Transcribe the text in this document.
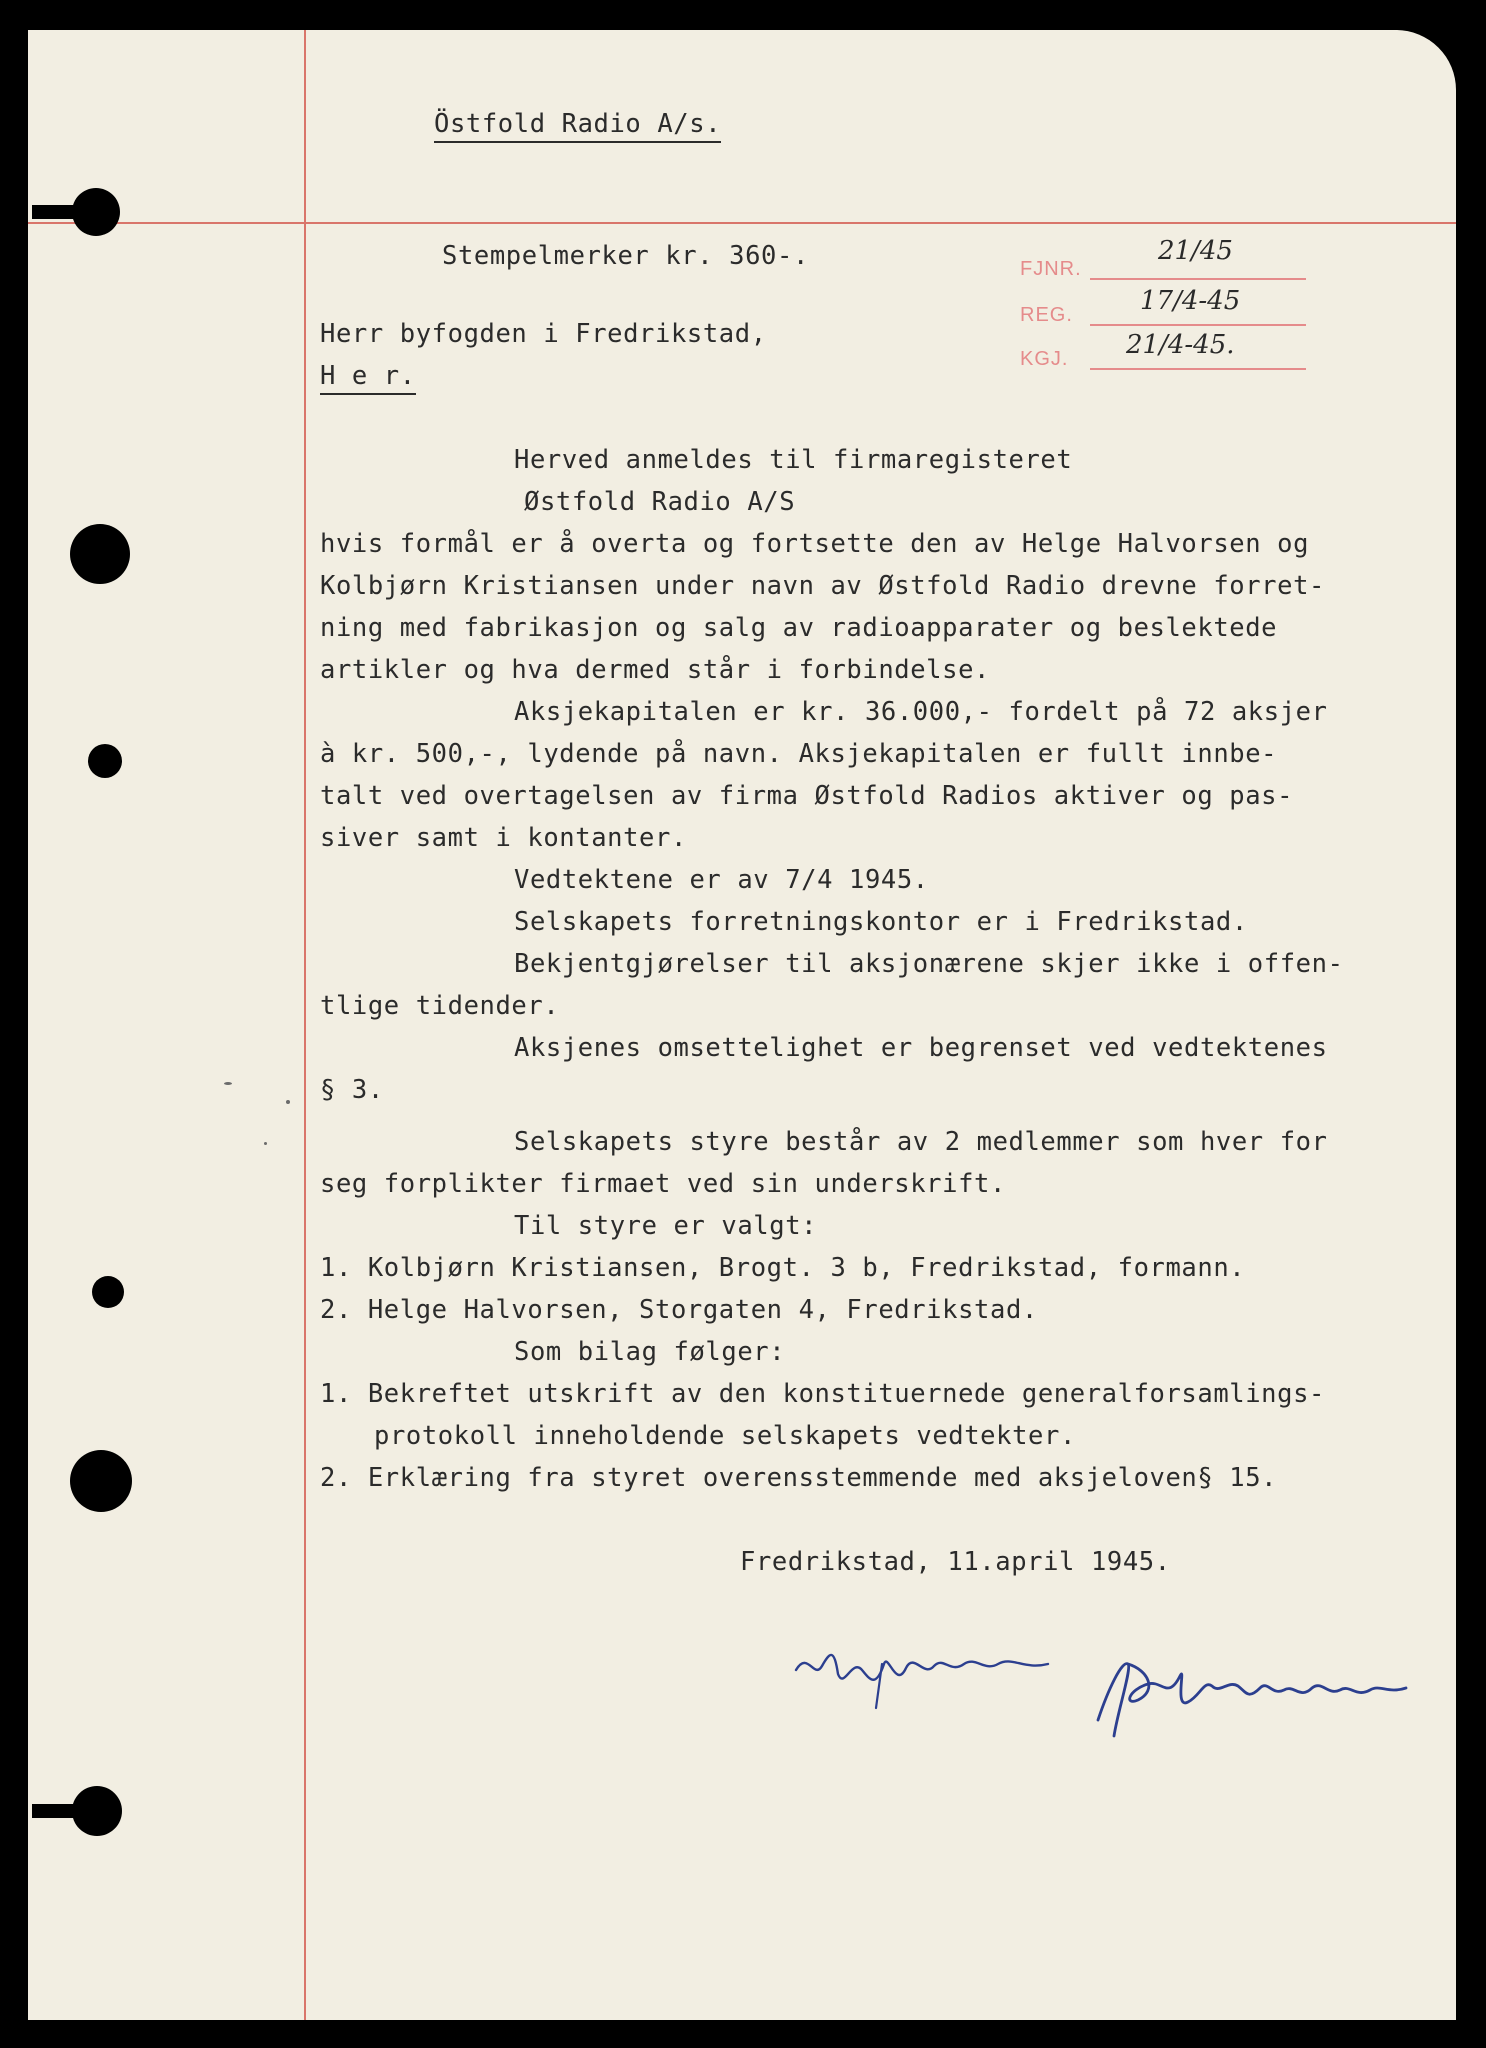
Östfold Radio A/s.
Stempelmerker kr. 360-.
Herr byfogden i Fredrikstad,
H e r.
FJNR.
REG.
KGJ.
21/45
17/4-45
21/4-45.
Herved anmeldes til firmaregisteret
Østfold Radio A/S
hvis formål er å overta og fortsette den av Helge Halvorsen og
Kolbjørn Kristiansen under navn av Østfold Radio drevne forret-
ning med fabrikasjon og salg av radioapparater og beslektede
artikler og hva dermed står i forbindelse.
Aksjekapitalen er kr. 36.000,- fordelt på 72 aksjer
à kr. 500,-, lydende på navn. Aksjekapitalen er fullt innbe-
talt ved overtagelsen av firma Østfold Radios aktiver og pas-
siver samt i kontanter.
Vedtektene er av 7/4 1945.
Selskapets forretningskontor er i Fredrikstad.
Bekjentgjørelser til aksjonærene skjer ikke i offen-
tlige tidender.
Aksjenes omsettelighet er begrenset ved vedtektenes
§ 3.
Selskapets styre består av 2 medlemmer som hver for
seg forplikter firmaet ved sin underskrift.
Til styre er valgt:
1. Kolbjørn Kristiansen, Brogt. 3 b, Fredrikstad, formann.
2. Helge Halvorsen, Storgaten 4, Fredrikstad.
Som bilag følger:
1. Bekreftet utskrift av den konstituernede generalforsamlings-
protokoll inneholdende selskapets vedtekter.
2. Erklæring fra styret overensstemmende med aksjeloven§ 15.
Fredrikstad, 11.april 1945.
